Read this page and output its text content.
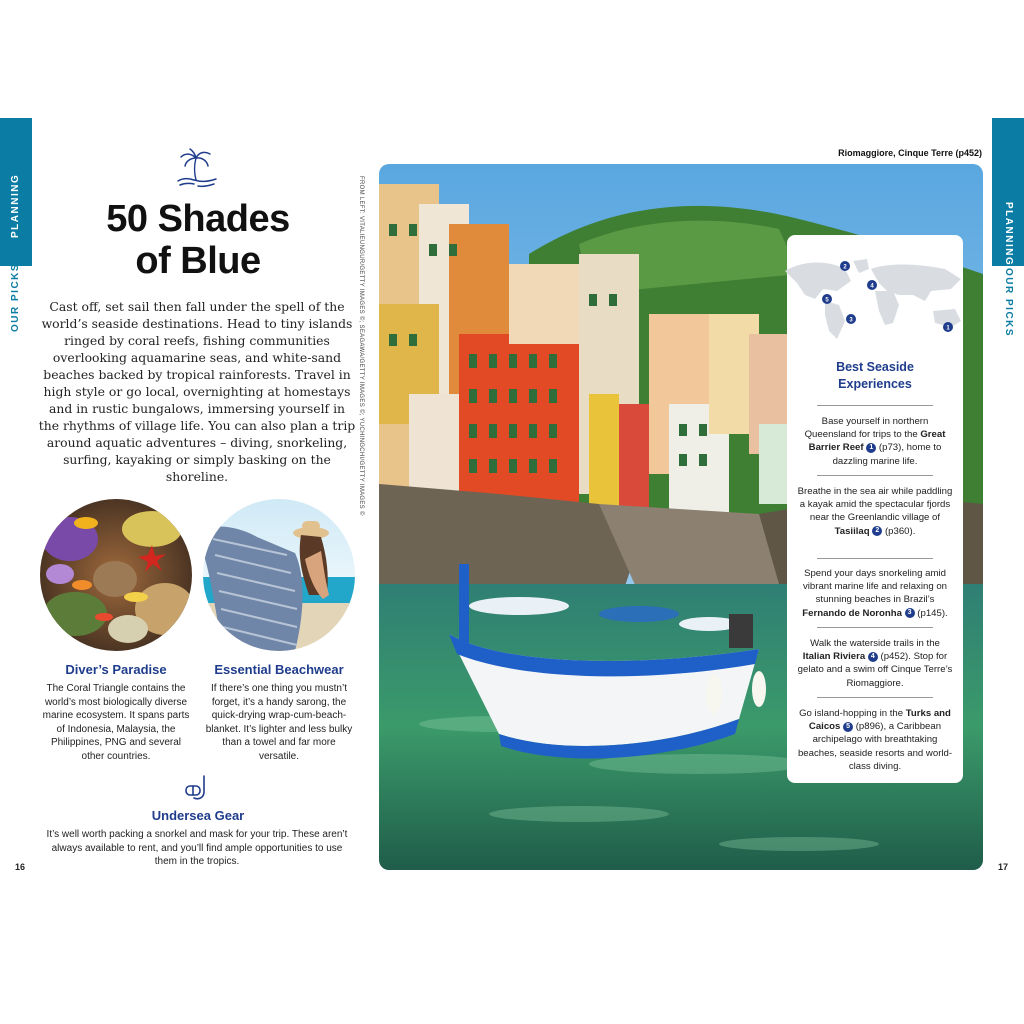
PLANNING
OUR PICKS
PLANNING
OUR PICKS
50 Shades
of Blue
Cast off, set sail then fall under the spell of the world’s seaside destinations. Head to tiny islands ringed by coral reefs, fishing communities overlooking aquamarine seas, and white-sand beaches backed by tropical rainforests. Travel in high style or go local, overnighting at homestays and in rustic bungalows, immersing yourself in the rhythms of village life. You can also plan a trip around aquatic adventures – diving, snorkeling, surfing, kayaking or simply basking on the shoreline.
Diver’s Paradise
The Coral Triangle contains the world’s most biologically diverse marine ecosystem. It spans parts of Indonesia, Malaysia, the Philippines, PNG and several other countries.
Essential Beachwear
If there’s one thing you mustn’t forget, it’s a handy sarong, the quick-drying wrap-cum-beach-blanket. It’s lighter and less bulky than a towel and far more versatile.
Undersea Gear
It’s well worth packing a snorkel and mask for your trip. These aren’t always available to rent, and you’ll find ample opportunities to use them in the tropics.
16	17
FROM LEFT: VITALIEUNGUR/GETTY IMAGES ©; SEAGAWA/GETTY IMAGES ©; YUCHINGCHI/GETTY IMAGES ©
Riomaggiore, Cinque Terre (p452)
2
5
4
3
1
Best Seaside
Experiences
Base yourself in northern Queensland for trips to the Great Barrier Reef 1 (p73), home to dazzling marine life.
Breathe in the sea air while paddling a kayak amid the spectacular fjords near the Greenlandic village of Tasiilaq 2 (p360).
Spend your days snorkeling amid vibrant marine life and relaxing on stunning beaches in Brazil’s Fernando de Noronha 3 (p145).
Walk the waterside trails in the Italian Riviera 4 (p452). Stop for gelato and a swim off Cinque Terre’s Riomaggiore.
Go island-hopping in the Turks and Caicos 5 (p896), a Caribbean archipelago with breathtaking beaches, seaside resorts and world-class diving.
